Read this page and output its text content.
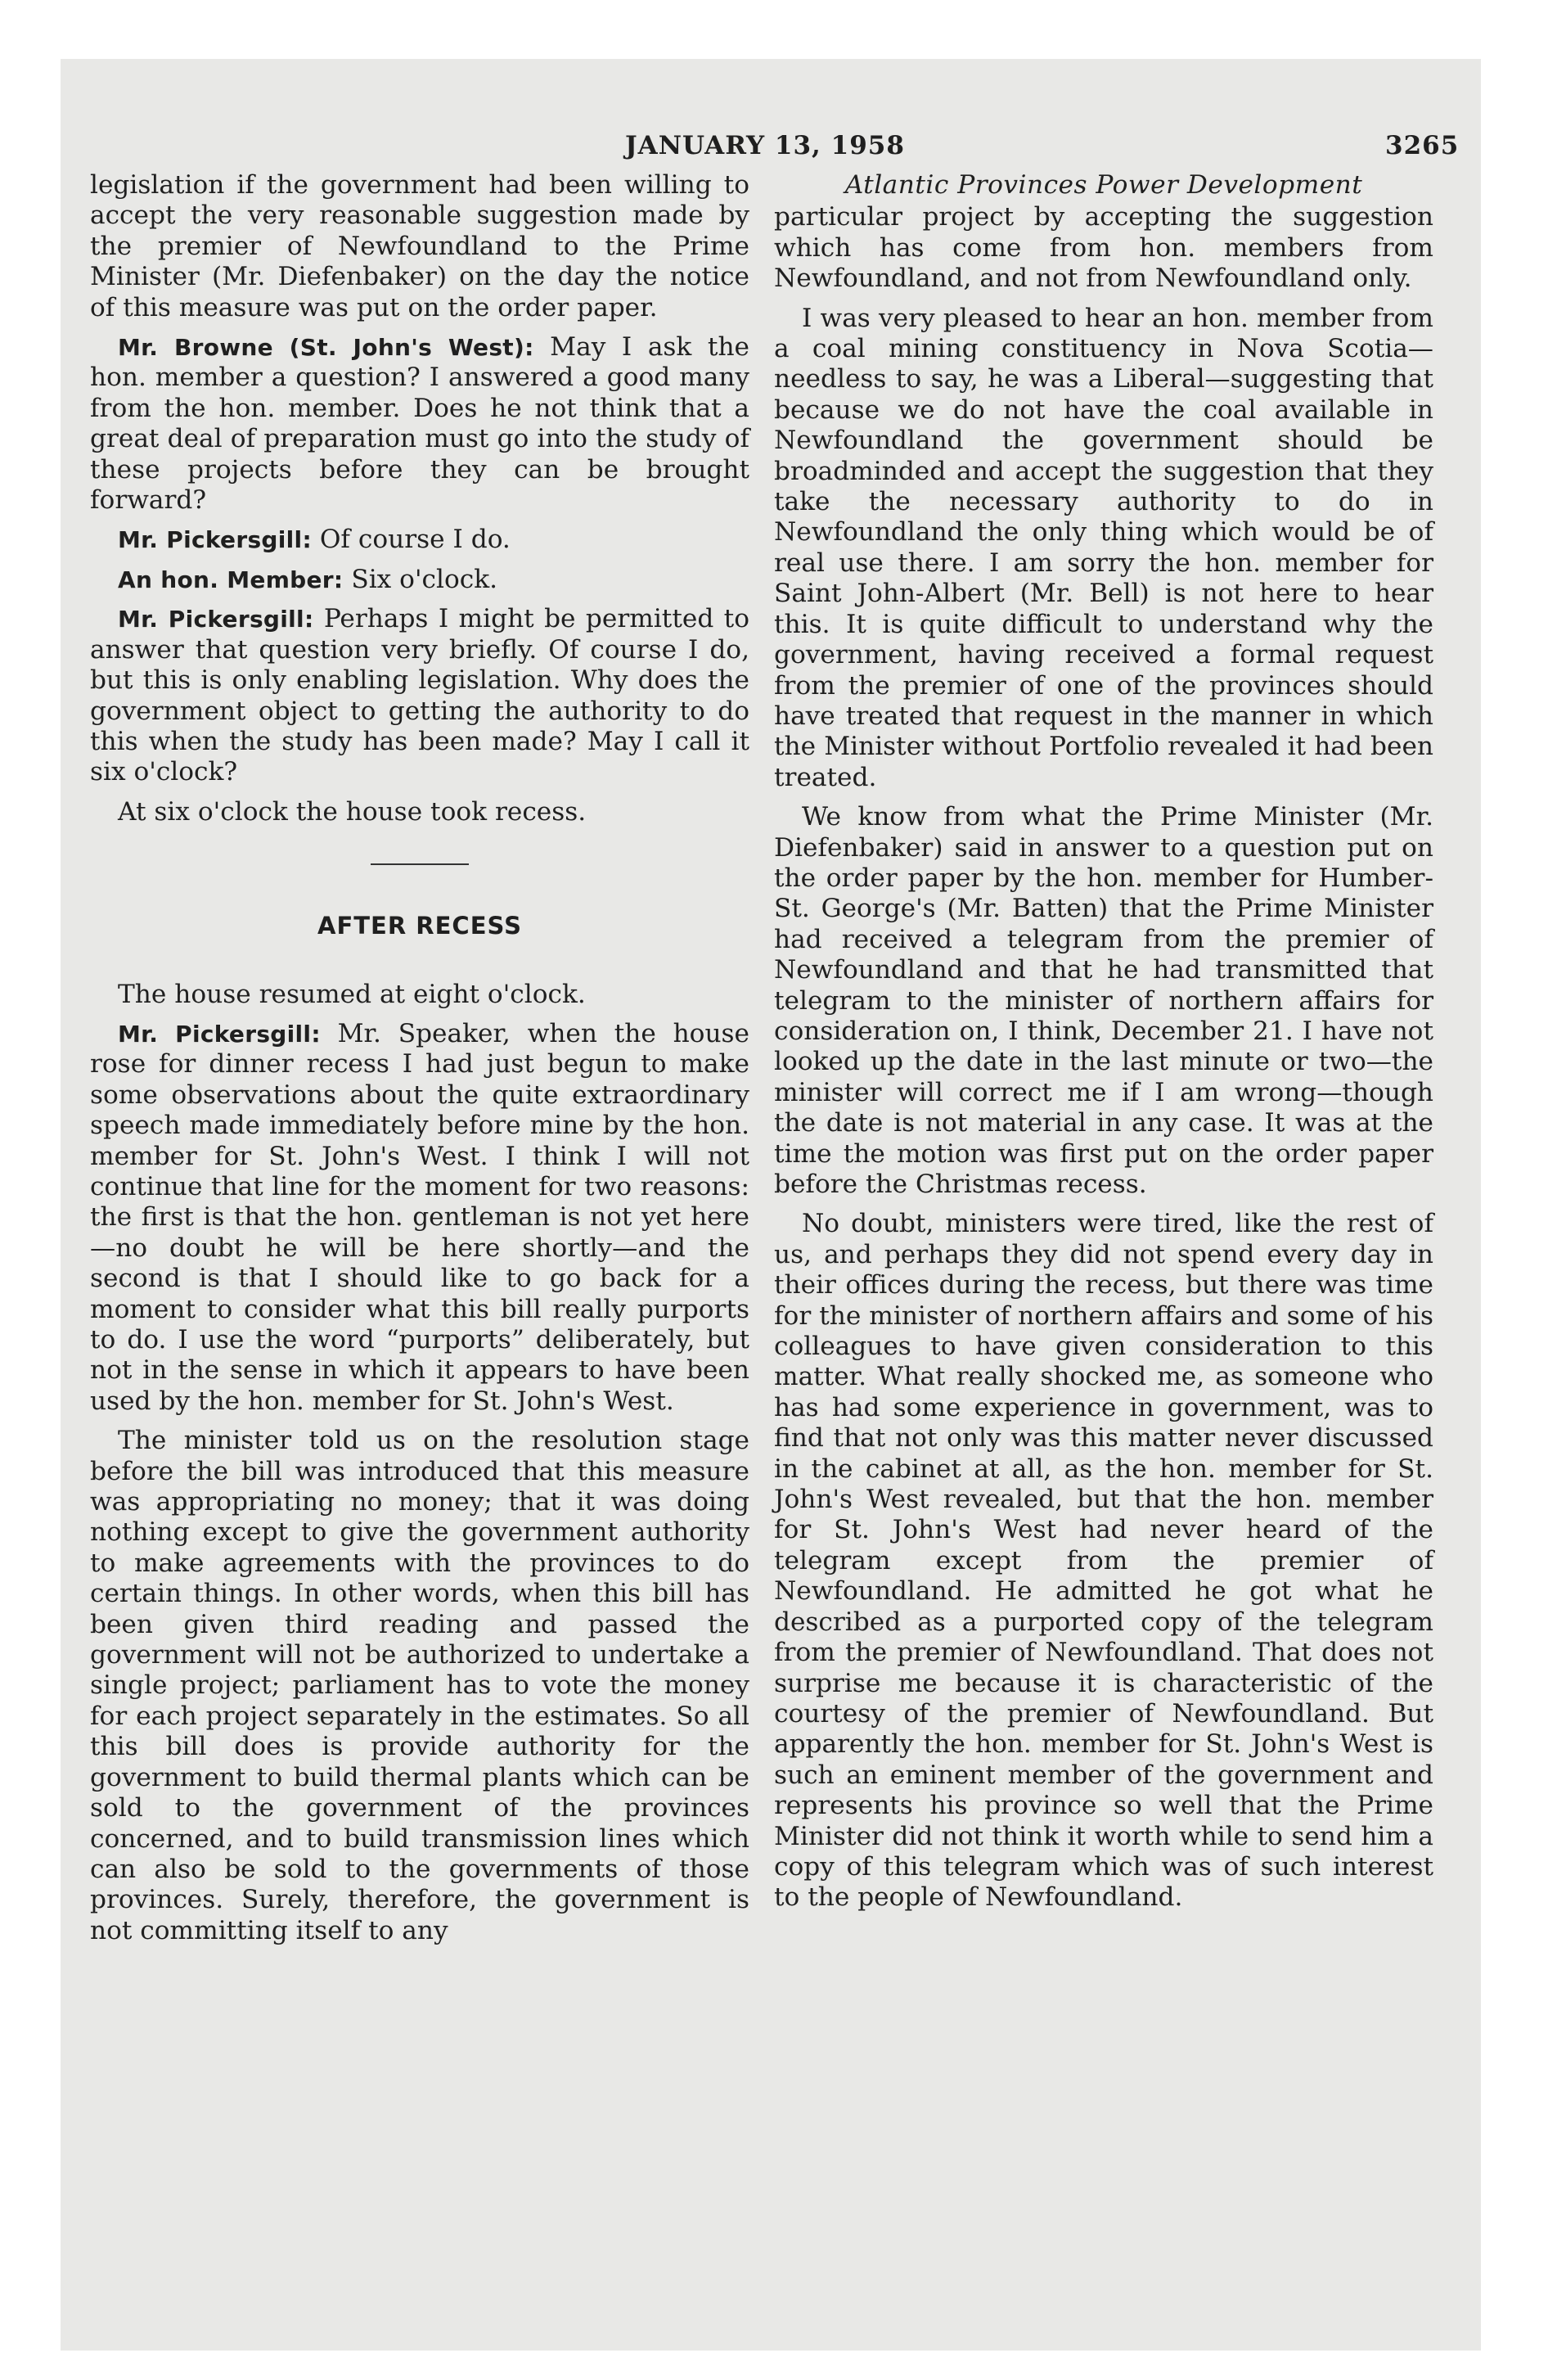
JANUARY 13, 1958	3265

legislation if the government had been willing to accept the very reasonable suggestion made by the premier of Newfoundland to the Prime Minister (Mr. Diefenbaker) on the day the notice of this measure was put on the order paper.

Mr. Browne (St. John's West): May I ask the hon. member a question? I answered a good many from the hon. member. Does he not think that a great deal of preparation must go into the study of these projects before they can be brought forward?

Mr. Pickersgill: Of course I do.

An hon. Member: Six o'clock.

Mr. Pickersgill: Perhaps I might be permitted to answer that question very briefly. Of course I do, but this is only enabling legislation. Why does the government object to getting the authority to do this when the study has been made? May I call it six o'clock?

At six o'clock the house took recess.

AFTER RECESS

The house resumed at eight o'clock.

Mr. Pickersgill: Mr. Speaker, when the house rose for dinner recess I had just begun to make some observations about the quite extraordinary speech made immediately before mine by the hon. member for St. John's West. I think I will not continue that line for the moment for two reasons: the first is that the hon. gentleman is not yet here —no doubt he will be here shortly—and the second is that I should like to go back for a moment to consider what this bill really purports to do. I use the word “purports” deliberately, but not in the sense in which it appears to have been used by the hon. member for St. John's West.

The minister told us on the resolution stage before the bill was introduced that this measure was appropriating no money; that it was doing nothing except to give the government authority to make agreements with the provinces to do certain things. In other words, when this bill has been given third reading and passed the government will not be authorized to undertake a single project; parliament has to vote the money for each project separately in the estimates. So all this bill does is provide authority for the government to build thermal plants which can be sold to the government of the provinces concerned, and to build transmission lines which can also be sold to the governments of those provinces. Surely, therefore, the government is not committing itself to any

Atlantic Provinces Power Development

particular project by accepting the suggestion which has come from hon. members from Newfoundland, and not from Newfoundland only.

I was very pleased to hear an hon. member from a coal mining constituency in Nova Scotia—needless to say, he was a Liberal—suggesting that because we do not have the coal available in Newfoundland the government should be broadminded and accept the suggestion that they take the necessary authority to do in Newfoundland the only thing which would be of real use there. I am sorry the hon. member for Saint John-Albert (Mr. Bell) is not here to hear this. It is quite difficult to understand why the government, having received a formal request from the premier of one of the provinces should have treated that request in the manner in which the Minister without Portfolio revealed it had been treated.

We know from what the Prime Minister (Mr. Diefenbaker) said in answer to a question put on the order paper by the hon. member for Humber-St. George's (Mr. Batten) that the Prime Minister had received a telegram from the premier of Newfoundland and that he had transmitted that telegram to the minister of northern affairs for consideration on, I think, December 21. I have not looked up the date in the last minute or two—the minister will correct me if I am wrong—though the date is not material in any case. It was at the time the motion was first put on the order paper before the Christmas recess.

No doubt, ministers were tired, like the rest of us, and perhaps they did not spend every day in their offices during the recess, but there was time for the minister of northern affairs and some of his colleagues to have given consideration to this matter. What really shocked me, as someone who has had some experience in government, was to find that not only was this matter never discussed in the cabinet at all, as the hon. member for St. John's West revealed, but that the hon. member for St. John's West had never heard of the telegram except from the premier of Newfoundland. He admitted he got what he described as a purported copy of the telegram from the premier of Newfoundland. That does not surprise me because it is characteristic of the courtesy of the premier of Newfoundland. But apparently the hon. member for St. John's West is such an eminent member of the government and represents his province so well that the Prime Minister did not think it worth while to send him a copy of this telegram which was of such interest to the people of Newfoundland.
